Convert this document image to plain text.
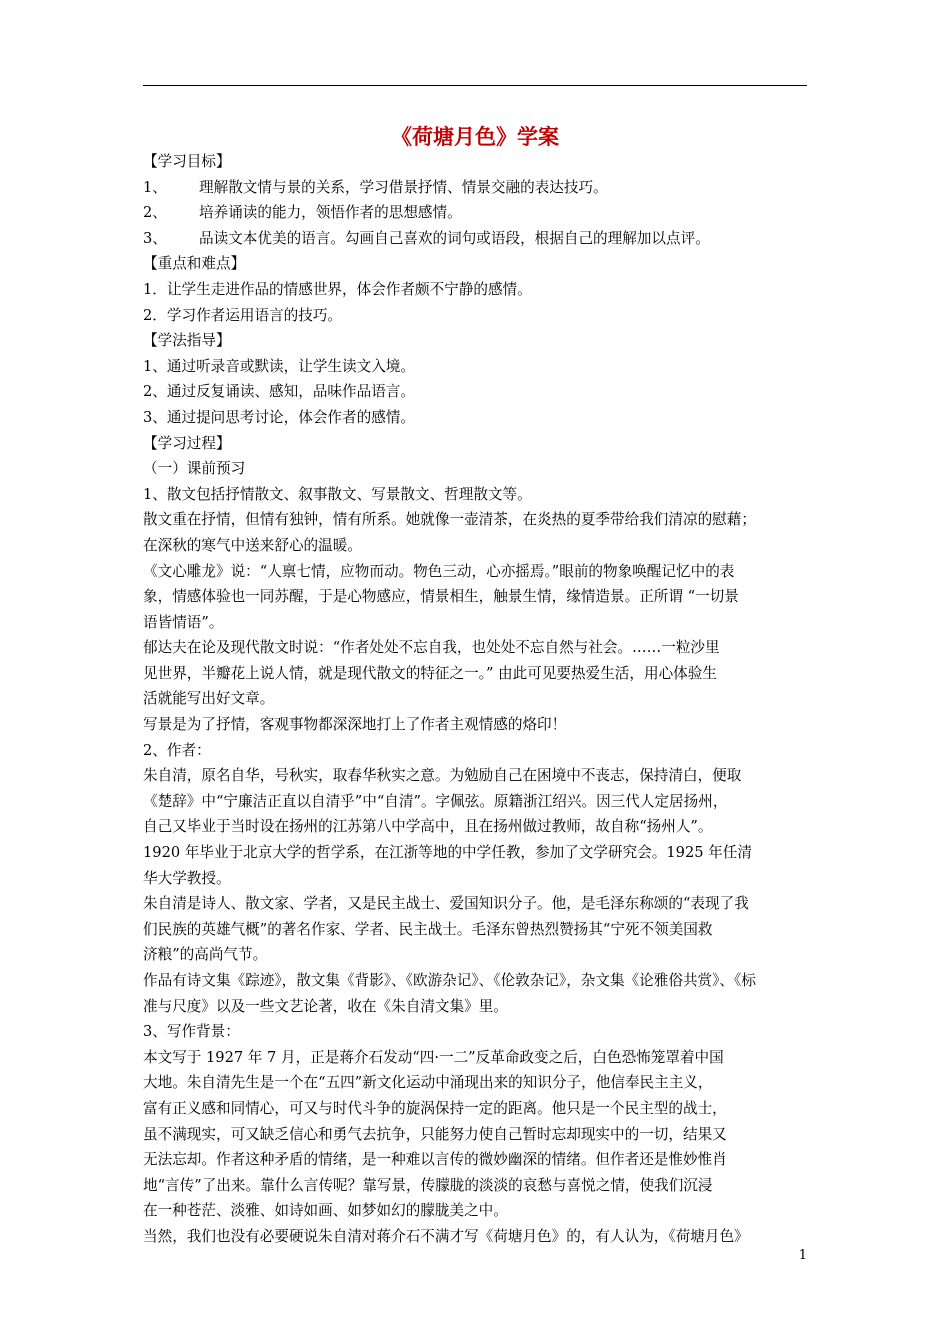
《荷塘月色》学案
【学习目标】
1、 理解散文情与景的关系，学习借景抒情、情景交融的表达技巧。
2、 培养诵读的能力，领悟作者的思想感情。
3、 品读文本优美的语言。勾画自己喜欢的词句或语段，根据自己的理解加以点评。
【重点和难点】
1．让学生走进作品的情感世界，体会作者颇不宁静的感情。
2．学习作者运用语言的技巧。
【学法指导】
1、通过听录音或默读，让学生读文入境。
2、通过反复诵读、感知，品味作品语言。
3、通过提问思考讨论，体会作者的感情。
【学习过程】
（一）课前预习
1、散文包括抒情散文、叙事散文、写景散文、哲理散文等。
散文重在抒情，但情有独钟，情有所系。她就像一壶清茶，在炎热的夏季带给我们清凉的慰藉；
在深秋的寒气中送来舒心的温暖。
《文心雕龙》说：“人禀七情，应物而动。物色三动，心亦摇焉。”眼前的物象唤醒记忆中的表
象，情感体验也一同苏醒，于是心物感应，情景相生，触景生情，缘情造景。正所谓 “一切景
语皆情语”。
郁达夫在论及现代散文时说：“作者处处不忘自我，也处处不忘自然与社会。……一粒沙里
见世界，半瓣花上说人情，就是现代散文的特征之一。” 由此可见要热爱生活，用心体验生
活就能写出好文章。
写景是为了抒情，客观事物都深深地打上了作者主观情感的烙印！
2、作者：
朱自清，原名自华，号秋实，取春华秋实之意。为勉励自己在困境中不丧志，保持清白，便取
《楚辞》中“宁廉洁正直以自清乎”中“自清”。字佩弦。原籍浙江绍兴。因三代人定居扬州，
自己又毕业于当时设在扬州的江苏第八中学高中，且在扬州做过教师，故自称“扬州人”。
1920 年毕业于北京大学的哲学系，在江浙等地的中学任教，参加了文学研究会。1925 年任清
华大学教授。
朱自清是诗人、散文家、学者，又是民主战士、爱国知识分子。他，是毛泽东称颂的“表现了我
们民族的英雄气概”的著名作家、学者、民主战士。毛泽东曾热烈赞扬其“宁死不领美国救
济粮”的高尚气节。
作品有诗文集《踪迹》，散文集《背影》、《欧游杂记》、《伦敦杂记》，杂文集《论雅俗共赏》、《标
准与尺度》以及一些文艺论著，收在《朱自清文集》里。
3、写作背景：
本文写于 1927 年 7 月，正是蒋介石发动“四·一二”反革命政变之后，白色恐怖笼罩着中国
大地。朱自清先生是一个在“五四”新文化运动中涌现出来的知识分子，他信奉民主主义，
富有正义感和同情心，可又与时代斗争的旋涡保持一定的距离。他只是一个民主型的战士，
虽不满现实，可又缺乏信心和勇气去抗争，只能努力使自己暂时忘却现实中的一切，结果又
无法忘却。作者这种矛盾的情绪，是一种难以言传的微妙幽深的情绪。但作者还是惟妙惟肖
地“言传”了出来。靠什么言传呢？靠写景，传朦胧的淡淡的哀愁与喜悦之情，使我们沉浸
在一种苍茫、淡雅、如诗如画、如梦如幻的朦胧美之中。
当然，我们也没有必要硬说朱自清对蒋介石不满才写《荷塘月色》的，有人认为，《荷塘月色》
1
